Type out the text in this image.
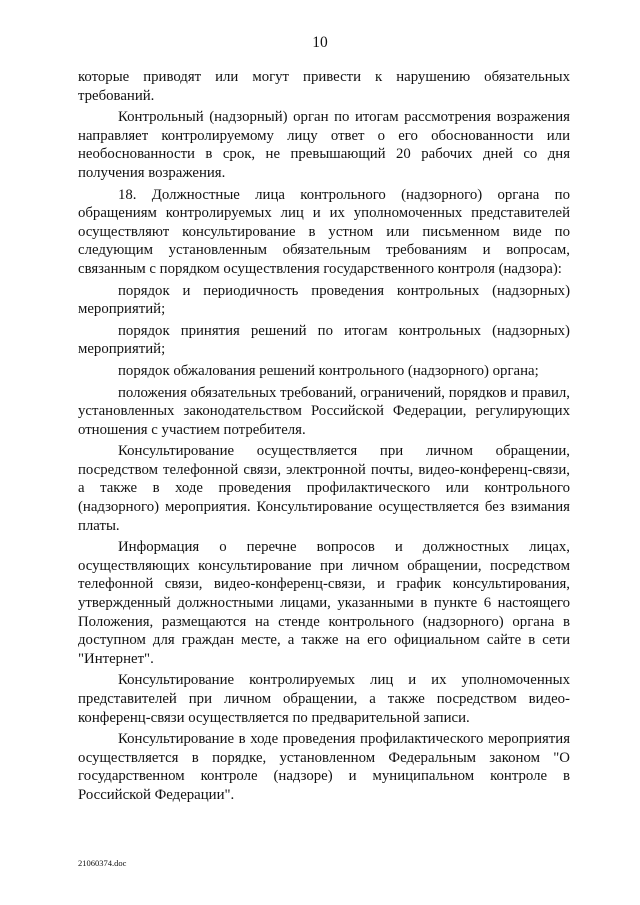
10

которые приводят или могут привести к нарушению обязательных требований.

Контрольный (надзорный) орган по итогам рассмотрения возражения направляет контролируемому лицу ответ о его обоснованности или необоснованности в срок, не превышающий 20 рабочих дней со дня получения возражения.

18. Должностные лица контрольного (надзорного) органа по обращениям контролируемых лиц и их уполномоченных представителей осуществляют консультирование в устном или письменном виде по следующим установленным обязательным требованиям и вопросам, связанным с порядком осуществления государственного контроля (надзора):

порядок и периодичность проведения контрольных (надзорных) мероприятий;

порядок принятия решений по итогам контрольных (надзорных) мероприятий;

порядок обжалования решений контрольного (надзорного) органа;

положения обязательных требований, ограничений, порядков и правил, установленных законодательством Российской Федерации, регулирующих отношения с участием потребителя.

Консультирование осуществляется при личном обращении, посредством телефонной связи, электронной почты, видео-конференц-связи, а также в ходе проведения профилактического или контрольного (надзорного) мероприятия. Консультирование осуществляется без взимания платы.

Информация о перечне вопросов и должностных лицах, осуществляющих консультирование при личном обращении, посредством телефонной связи, видео-конференц-связи, и график консультирования, утвержденный должностными лицами, указанными в пункте 6 настоящего Положения, размещаются на стенде контрольного (надзорного) органа в доступном для граждан месте, а также на его официальном сайте в сети "Интернет".

Консультирование контролируемых лиц и их уполномоченных представителей при личном обращении, а также посредством видео-конференц-связи осуществляется по предварительной записи.

Консультирование в ходе проведения профилактического мероприятия осуществляется в порядке, установленном Федеральным законом "О государственном контроле (надзоре) и муниципальном контроле в Российской Федерации".

21060374.doc
